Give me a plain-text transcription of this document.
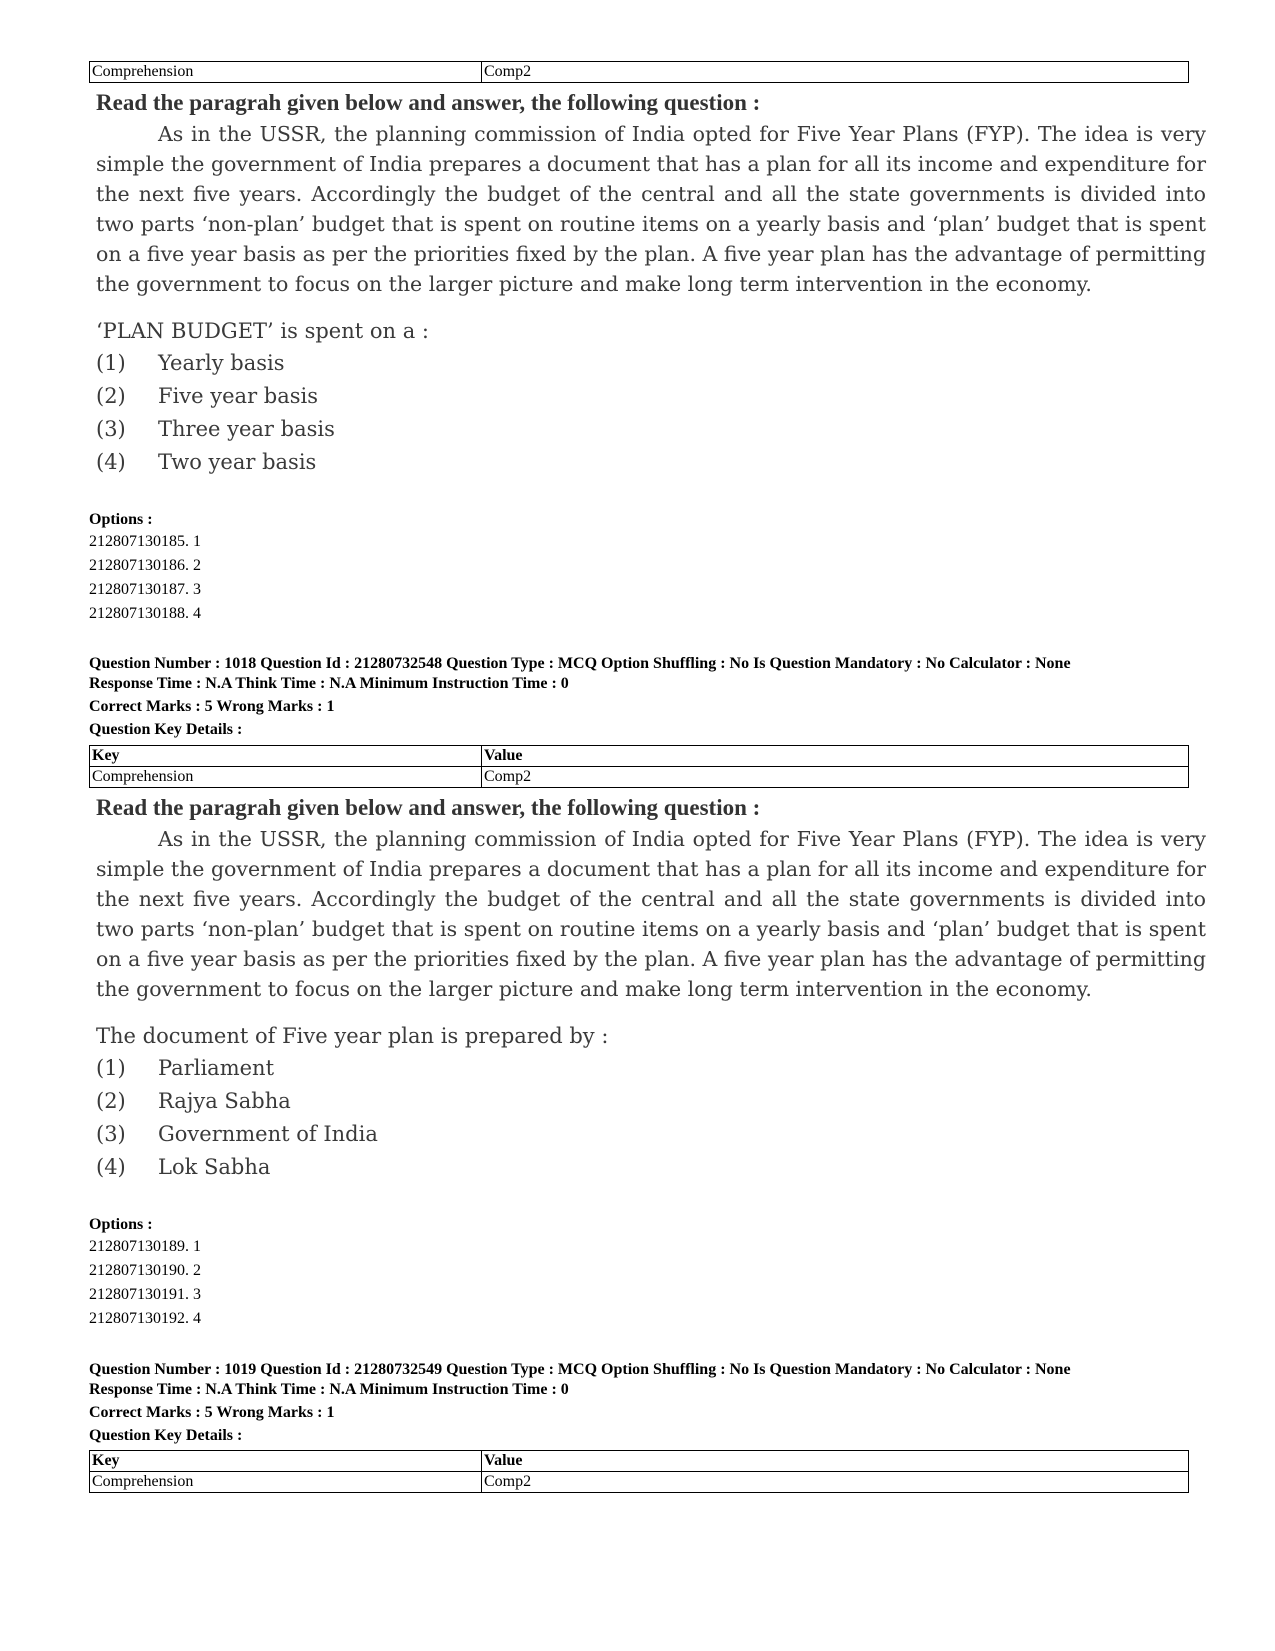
Comprehension	Comp2

Read the paragrah given below and answer, the following question :

As in the USSR, the planning commission of India opted for Five Year Plans (FYP). The idea is very simple the government of India prepares a document that has a plan for all its income and expenditure for the next five years. Accordingly the budget of the central and all the state governments is divided into two parts ‘non-plan’ budget that is spent on routine items on a yearly basis and ‘plan’ budget that is spent on a five year basis as per the priorities fixed by the plan. A five year plan has the advantage of permitting the government to focus on the larger picture and make long term intervention in the economy.

‘PLAN BUDGET’ is spent on a :

(1)	Yearly basis
(2)	Five year basis
(3)	Three year basis
(4)	Two year basis
Options :
212807130185. 1
212807130186. 2
212807130187. 3
212807130188. 4
Question Number : 1018 Question Id : 21280732548 Question Type : MCQ Option Shuffling : No Is Question Mandatory : No Calculator : None
Response Time : N.A Think Time : N.A Minimum Instruction Time : 0
Correct Marks : 5 Wrong Marks : 1
Question Key Details :
Key	Value
Comprehension	Comp2

Read the paragrah given below and answer, the following question :

As in the USSR, the planning commission of India opted for Five Year Plans (FYP). The idea is very simple the government of India prepares a document that has a plan for all its income and expenditure for the next five years. Accordingly the budget of the central and all the state governments is divided into two parts ‘non-plan’ budget that is spent on routine items on a yearly basis and ‘plan’ budget that is spent on a five year basis as per the priorities fixed by the plan. A five year plan has the advantage of permitting the government to focus on the larger picture and make long term intervention in the economy.

The document of Five year plan is prepared by :

(1)	Parliament
(2)	Rajya Sabha
(3)	Government of India
(4)	Lok Sabha
Options :
212807130189. 1
212807130190. 2
212807130191. 3
212807130192. 4
Question Number : 1019 Question Id : 21280732549 Question Type : MCQ Option Shuffling : No Is Question Mandatory : No Calculator : None
Response Time : N.A Think Time : N.A Minimum Instruction Time : 0
Correct Marks : 5 Wrong Marks : 1
Question Key Details :
Key	Value
Comprehension	Comp2
